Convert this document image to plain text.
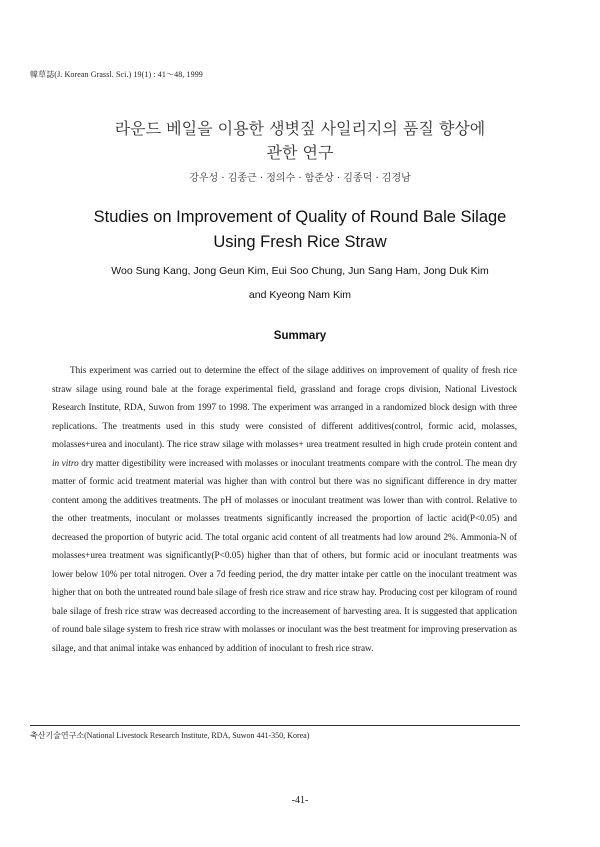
韓草誌(J. Korean Grassl. Sci.) 19(1) : 41～48, 1999
라운드 베일을 이용한 생볏짚 사일리지의 품질 향상에
관한 연구
강우성 · 김종근 · 정의수 · 함준상 · 김종덕 · 김경남
Studies on Improvement of Quality of Round Bale Silage
Using Fresh Rice Straw
Woo Sung Kang, Jong Geun Kim, Eui Soo Chung, Jun Sang Ham, Jong Duk Kim
and Kyeong Nam Kim
Summary

This experiment was carried out to determine the effect of the silage additives on improvement of quality of fresh rice straw silage using round bale at the forage experimental field, grassland and forage crops division, National Livestock Research Institute, RDA, Suwon from 1997 to 1998. The experiment was arranged in a randomized block design with three replications. The treatments used in this study were consisted of different additives(control, formic acid, molasses, molasses+urea and inoculant). The rice straw silage with molasses+ urea treatment resulted in high crude protein content and in vitro dry matter digestibility were increased with molasses or inoculant treatments compare with the control. The mean dry matter of formic acid treatment material was higher than with control but there was no significant difference in dry matter content among the additives treatments. The pH of molasses or inoculant treatment was lower than with control. Relative to the other treatments, inoculant or molasses treatments significantly increased the proportion of lactic acid(P<0.05) and decreased the proportion of butyric acid. The total organic acid content of all treatments had low around 2%. Ammonia-N of molasses+urea treatment was significantly(P<0.05) higher than that of others, but formic acid or inoculant treatments was lower below 10% per total nitrogen. Over a 7d feeding period, the dry matter intake per cattle on the inoculant treatment was higher that on both the untreated round bale silage of fresh rice straw and rice straw hay. Producing cost per kilogram of round bale silage of fresh rice straw was decreased according to the increasement of harvesting area. It is suggested that application of round bale silage system to fresh rice straw with molasses or inoculant was the best treatment for improving preservation as silage, and that animal intake was enhanced by addition of inoculant to fresh rice straw.

축산기술연구소(National Livestock Research Institute, RDA, Suwon 441-350, Korea)
-41-
